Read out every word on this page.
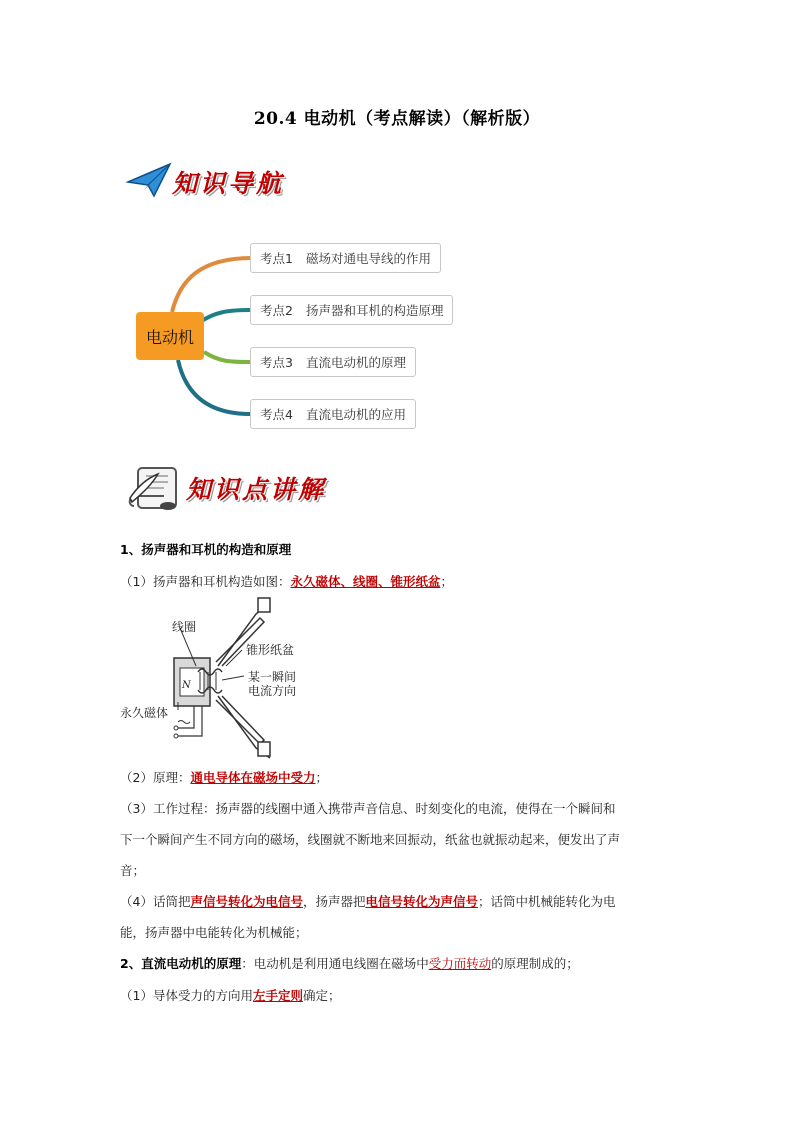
20.4 电动机（考点解读）（解析版）
知识导航
电动机
考点1 磁场对通电导线的作用
考点2 扬声器和耳机的构造原理
考点3 直流电动机的原理
考点4 直流电动机的应用
知识点讲解
1、扬声器和耳机的构造和原理
（1）扬声器和耳机构造如图：永久磁体、线圈、锥形纸盆；
N
线圈
锥形纸盆
某一瞬间
电流方向
永久磁体
（2）原理：通电导体在磁场中受力；
（3）工作过程：扬声器的线圈中通入携带声音信息、时刻变化的电流，使得在一个瞬间和
下一个瞬间产生不同方向的磁场，线圈就不断地来回振动，纸盆也就振动起来，便发出了声
音；
（4）话筒把声信号转化为电信号，扬声器把电信号转化为声信号；话筒中机械能转化为电
能，扬声器中电能转化为机械能；
2、直流电动机的原理：电动机是利用通电线圈在磁场中受力而转动的原理制成的；
（1）导体受力的方向用左手定则确定；
